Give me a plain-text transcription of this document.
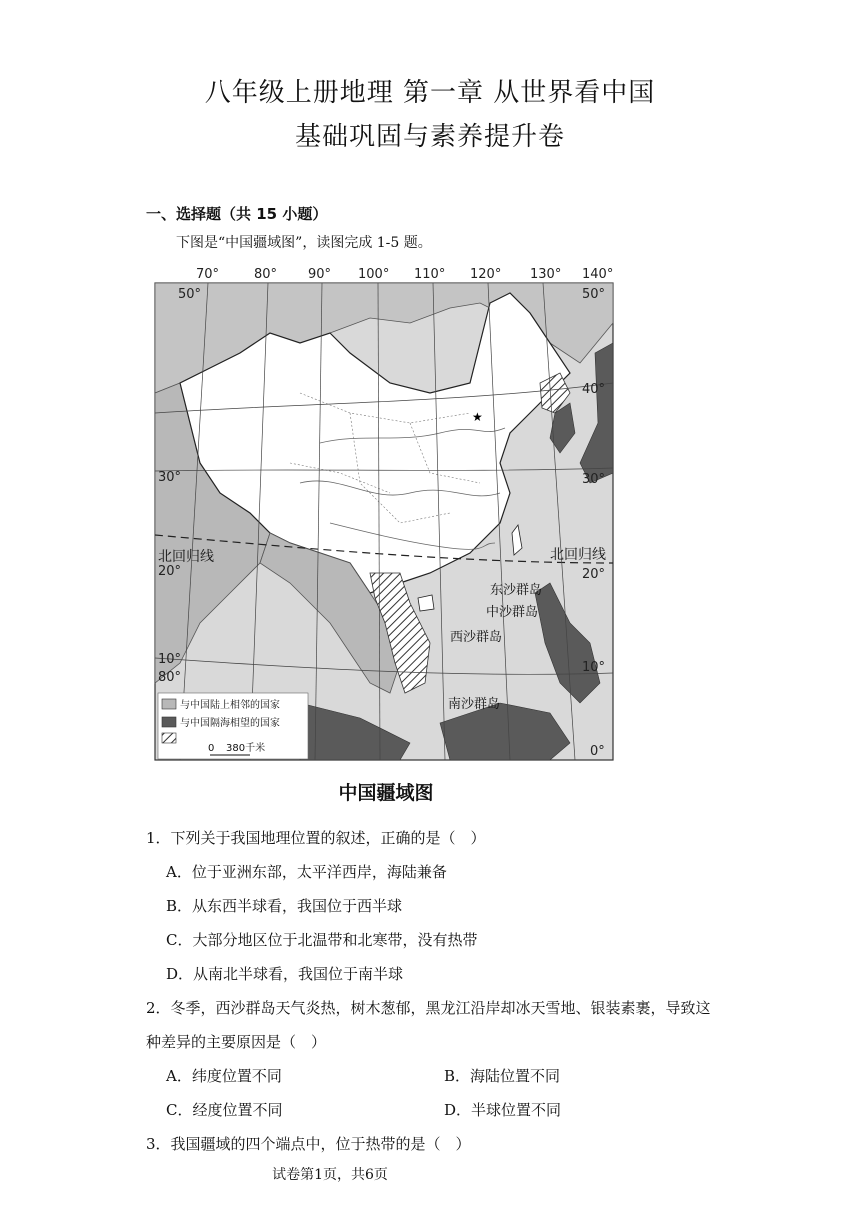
八年级上册地理 第一章 从世界看中国
基础巩固与素养提升卷
一、选择题（共 15 小题）
下图是“中国疆域图”，读图完成 1-5 题。
★
70°	80° 90° 100° 110° 120° 130° 140°
50°
30°
20°
10°
80°
50°
40°
30°
20°
10°
0°
北回归线	北回归线
东沙群岛
中沙群岛
西沙群岛
南沙群岛
与中国陆上相邻的国家
与中国隔海相望的国家
0 380千米
中国疆域图
1．下列关于我国地理位置的叙述，正确的是（　）
A．位于亚洲东部，太平洋西岸，海陆兼备
B．从东西半球看，我国位于西半球
C．大部分地区位于北温带和北寒带，没有热带
D．从南北半球看，我国位于南半球
2．冬季，西沙群岛天气炎热，树木葱郁，黑龙江沿岸却冰天雪地、银装素裹，导致这
种差异的主要原因是（　）
A．纬度位置不同	B．海陆位置不同
C．经度位置不同	D．半球位置不同
3．我国疆域的四个端点中，位于热带的是（　）
试卷第1页，共6页
